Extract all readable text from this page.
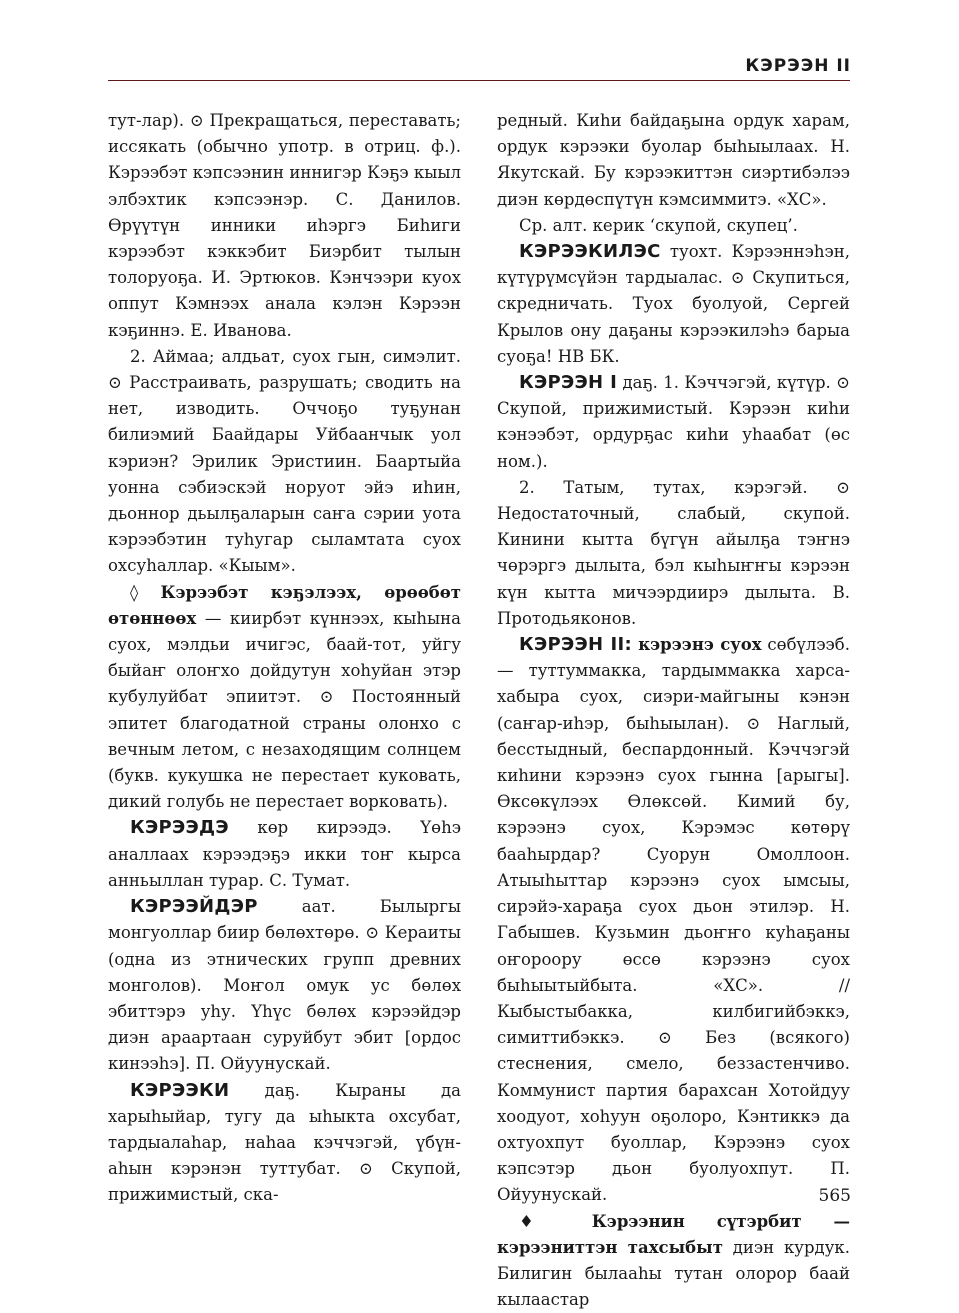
КЭРЭЭН II

тут-лар). ⊙ Прекращаться, переставать; иссякать (обычно употр. в отриц. ф.). Кэрээбэт кэпсээнин иннигэр Кэҕэ кыыл элбэхтик кэпсээнэр. С. Данилов. Өрүүтүн инники иhэргэ Биhиги кэрээбэт кэккэбит Биэрбит тылын толоруоҕа. И. Эртюков. Кэнчээри куох оппут Кэмнээх анала кэлэн Кэрээн кэҕиннэ. Е. Иванова.

2. Аймаа; алдьат, суох гын, симэлит. ⊙ Расстраивать, разрушать; сводить на нет, изводить. Оччоҕо туҕунан билиэмий Баайдары Уйбаанчык уол кэриэн? Эрилик Эристиин. Баартыйа уонна сэбиэскэй норуот эйэ иhин, дьоннор дьылҕаларын саҥа сэрии уота кэрээбэтин туhугар сыламтата суох охсуhаллар. «Кыым».

◊ Кэрээбэт кэҕэлээх, өрөөбөт өтөннөөх — киирбэт күннээх, кыhына суох, мэлдьи ичигэс, баай-тот, уйгу быйаҥ олоҥхо дойдутун хоhуйан этэр кубулуйбат эпиитэт. ⊙ Постоянный эпитет благодатной страны олонхо с вечным летом, с незаходящим солнцем (букв. кукушка не перестает куковать, дикий голубь не перестает ворковать).

КЭРЭЭДЭ көр кирээдэ. Үөhэ аналлаах кэрээдэҕэ икки тоҥ кырса анньыллан турар. С. Тумат.

КЭРЭЭЙДЭР аат. Былыргы монгуоллар биир бөлөхтөрө. ⊙ Кераиты (одна из этнических групп древних монголов). Моҥол омук ус бөлөх эбиттэрэ уhу. Үhүс бөлөх кэрээйдэр диэн араартаан суруйбут эбит [ордос кинээhэ]. П. Ойуунускай.

КЭРЭЭКИ даҕ. Кыраны да харыhыйар, тугу да ыhыкта охсубат, тардыалаhар, наhаа кэччэгэй, үбүн-аhын кэрэнэн туттубат. ⊙ Скупой, прижимистый, ска-

редный. Киhи байдаҕына ордук харам, ордук кэрээки буолар быhыылаах. Н. Якутскай. Бу кэрээкиттэн сиэртибэлээ диэн көрдөспүтүн кэмсиммитэ. «ХС».

Ср. алт. керик ‘скупой, скупец’.

КЭРЭЭКИЛЭС туохт. Кэрээннэhэн, күтүрүмсүйэн тардыалас. ⊙ Скупиться, скредничать. Туох буолуой, Сергей Крылов ону даҕаны кэрээкилэhэ барыа суоҕа! НВ БК.

КЭРЭЭН I даҕ. 1. Кэччэгэй, күтүр. ⊙ Скупой, прижимистый. Кэрээн киhи кэнээбэт, ордурҕас киhи уhаабат (өс ном.).

2. Татым, тутах, кэрэгэй. ⊙ Недостаточный, слабый, скупой. Кинини кытта бүгүн айылҕа тэҥнэ чөрэргэ дылыта, бэл кыhыҥҥы кэрээн күн кытта мичээрдиирэ дылыта. В. Протодьяконов.

КЭРЭЭН II: кэрээнэ суох сөбүлээб. — туттуммакка, тардыммакка харса-хабыра суох, сиэри-майгыны кэнэн (саҥар-иhэр, быhыылан). ⊙ Наглый, бесстыдный, беспардонный. Кэччэгэй киhини кэрээнэ суох гынна [арыгы]. Өксөкүлээх Өлөксөй. Кимий бу, кэрээнэ суох, Кэрэмэс көтөрү бааhырдар? Суорун Омоллоон. Атыыhыттар кэрээнэ суох ымсыы, сирэйэ-хараҕа суох дьон этилэр. Н. Габышев. Кузьмин дьоҥҥо куhаҕаны оҥороору өссө кэрээнэ суох быhыытыйбыта. «ХС». // Кыбыстыбакка, килбигийбэккэ, симиттибэккэ. ⊙ Без (всякого) стеснения, смело, беззастенчиво. Коммунист партия барахсан Хотойдуу хоодуот, хоhуун оҕолоро, Кэнтиккэ да охтуохпут буоллар, Кэрээнэ суох кэпсэтэр дьон буолуохпут. П. Ойуунускай.

♦ Кэрээнин сүтэрбит — кэрээниттэн тахсыбыт диэн курдук. Билигин былааhы тутан олорор баай кылаастар

565
